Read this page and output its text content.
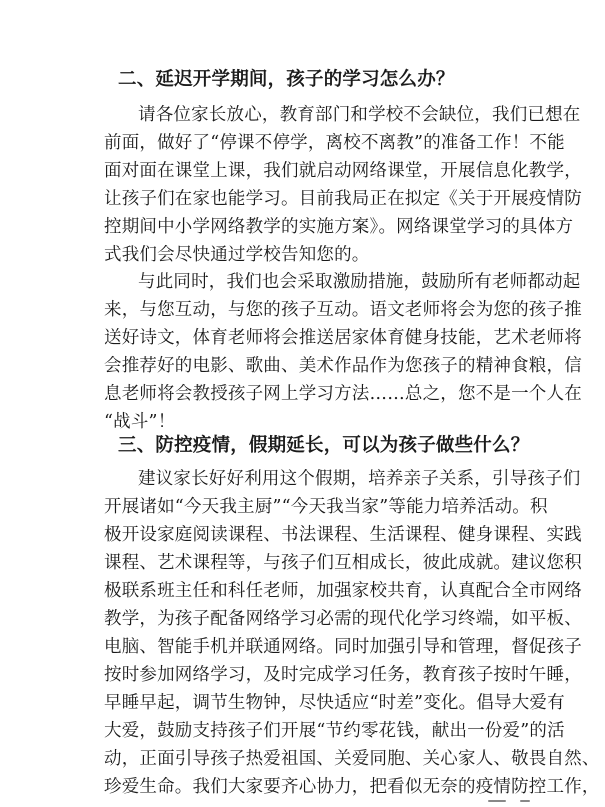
二、延迟开学期间，孩子的学习怎么办？
请各位家长放心，教育部门和学校不会缺位，我们已想在
前面，做好了“停课不停学，离校不离教”的准备工作！不能
面对面在课堂上课，我们就启动网络课堂，开展信息化教学，
让孩子们在家也能学习。目前我局正在拟定《关于开展疫情防
控期间中小学网络教学的实施方案》。网络课堂学习的具体方
式我们会尽快通过学校告知您的。
与此同时，我们也会采取激励措施，鼓励所有老师都动起
来，与您互动，与您的孩子互动。语文老师将会为您的孩子推
送好诗文，体育老师将会推送居家体育健身技能，艺术老师将
会推荐好的电影、歌曲、美术作品作为您孩子的精神食粮，信
息老师将会教授孩子网上学习方法……总之，您不是一个人在
“战斗”！
三、防控疫情，假期延长，可以为孩子做些什么？
建议家长好好利用这个假期，培养亲子关系，引导孩子们
开展诸如“今天我主厨”“今天我当家”等能力培养活动。积
极开设家庭阅读课程、书法课程、生活课程、健身课程、实践
课程、艺术课程等，与孩子们互相成长，彼此成就。建议您积
极联系班主任和科任老师，加强家校共育，认真配合全市网络
教学，为孩子配备网络学习必需的现代化学习终端，如平板、
电脑、智能手机并联通网络。同时加强引导和管理，督促孩子
按时参加网络学习，及时完成学习任务，教育孩子按时午睡，
早睡早起，调节生物钟，尽快适应“时差”变化。倡导大爱有
大爱，鼓励支持孩子们开展“节约零花钱，献出一份爱”的活
动，正面引导孩子热爱祖国、关爱同胞、关心家人、敬畏自然、
珍爱生命。我们大家要齐心协力，把看似无奈的疫情防控工作，
